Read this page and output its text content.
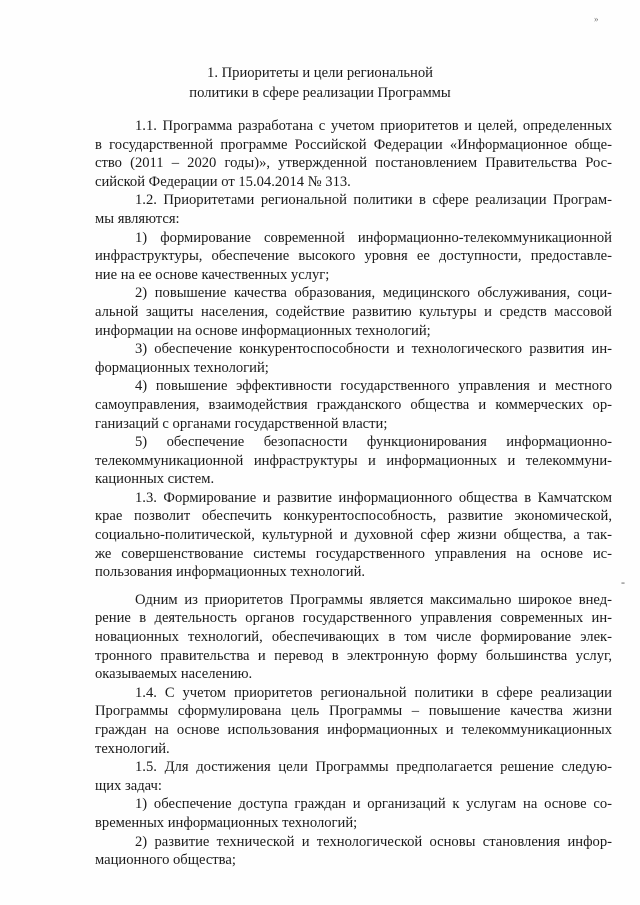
»
-
1. Приоритеты и цели региональной
политики в сфере реализации Программы

1.1. Программа разработана с учетом приоритетов и целей, определенных
в государственной программе Российской Федерации «Информационное обще-
ство (2011 – 2020 годы)», утвержденной постановлением Правительства Рос-
сийской Федерации от 15.04.2014 № 313.

1.2. Приоритетами региональной политики в сфере реализации Програм-
мы являются:

1) формирование современной информационно-телекоммуникационной
инфраструктуры, обеспечение высокого уровня ее доступности, предоставле-
ние на ее основе качественных услуг;

2) повышение качества образования, медицинского обслуживания, соци-
альной защиты населения, содействие развитию культуры и средств массовой
информации на основе информационных технологий;

3) обеспечение конкурентоспособности и технологического развития ин-
формационных технологий;

4) повышение эффективности государственного управления и местного
самоуправления, взаимодействия гражданского общества и коммерческих ор-
ганизаций с органами государственной власти;

5) обеспечение безопасности функционирования информационно-
телекоммуникационной инфраструктуры и информационных и телекоммуни-
кационных систем.

1.3. Формирование и развитие информационного общества в Камчатском
крае позволит обеспечить конкурентоспособность, развитие экономической,
социально-политической, культурной и духовной сфер жизни общества, а так-
же совершенствование системы государственного управления на основе ис-
пользования информационных технологий.

Одним из приоритетов Программы является максимально широкое внед-
рение в деятельность органов государственного управления современных ин-
новационных технологий, обеспечивающих в том числе формирование элек-
тронного правительства и перевод в электронную форму большинства услуг,
оказываемых населению.

1.4. С учетом приоритетов региональной политики в сфере реализации
Программы сформулирована цель Программы – повышение качества жизни
граждан на основе использования информационных и телекоммуникационных
технологий.

1.5. Для достижения цели Программы предполагается решение следую-
щих задач:

1) обеспечение доступа граждан и организаций к услугам на основе со-
временных информационных технологий;

2) развитие технической и технологической основы становления инфор-
мационного общества;
